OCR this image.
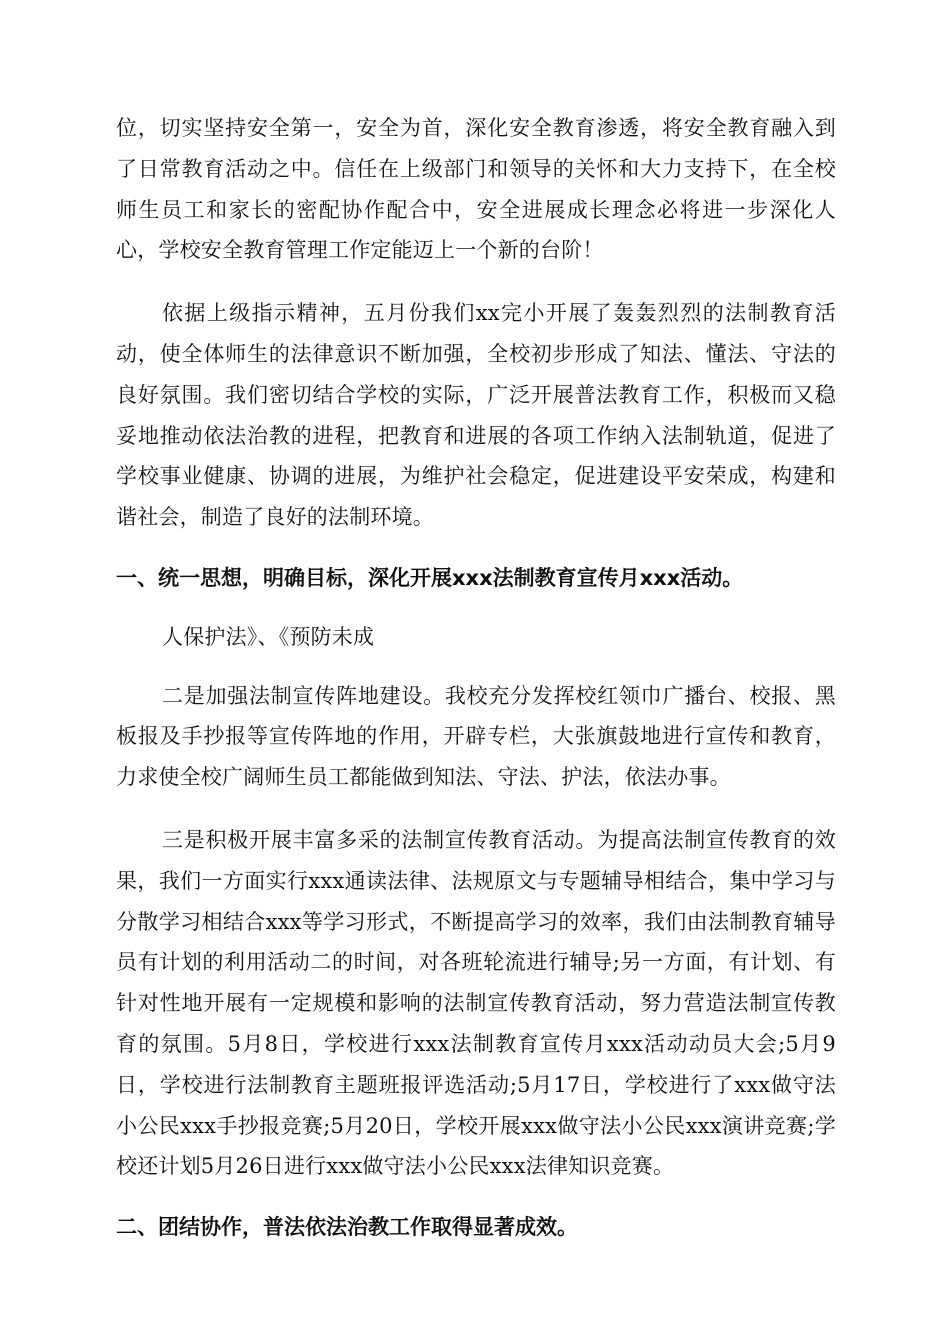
位，切实坚持安全第一，安全为首，深化安全教育渗透，将安全教育融入到了日常教育活动之中。信任在上级部门和领导的关怀和大力支持下，在全校师生员工和家长的密配协作配合中，安全进展成长理念必将进一步深化人心，学校安全教育管理工作定能迈上一个新的台阶！

依据上级指示精神，五月份我们xx完小开展了轰轰烈烈的法制教育活动，使全体师生的法律意识不断加强，全校初步形成了知法、懂法、守法的良好氛围。我们密切结合学校的实际，广泛开展普法教育工作，积极而又稳妥地推动依法治教的进程，把教育和进展的各项工作纳入法制轨道，促进了学校事业健康、协调的进展，为维护社会稳定，促进建设平安荣成，构建和谐社会，制造了良好的法制环境。

一、统一思想，明确目标，深化开展xxx法制教育宣传月xxx活动。

人保护法》、《预防未成

二是加强法制宣传阵地建设。我校充分发挥校红领巾广播台、校报、黑板报及手抄报等宣传阵地的作用，开辟专栏，大张旗鼓地进行宣传和教育，力求使全校广阔师生员工都能做到知法、守法、护法，依法办事。

三是积极开展丰富多采的法制宣传教育活动。为提高法制宣传教育的效果，我们一方面实行xxx通读法律、法规原文与专题辅导相结合，集中学习与分散学习相结合xxx等学习形式，不断提高学习的效率，我们由法制教育辅导员有计划的利用活动二的时间，对各班轮流进行辅导;另一方面，有计划、有针对性地开展有一定规模和影响的法制宣传教育活动，努力营造法制宣传教育的氛围。5月8日，学校进行xxx法制教育宣传月xxx活动动员大会;5月9日，学校进行法制教育主题班报评选活动;5月17日，学校进行了xxx做守法小公民xxx手抄报竞赛;5月20日，学校开展xxx做守法小公民xxx演讲竞赛;学校还计划5月26日进行xxx做守法小公民xxx法律知识竞赛。

二、团结协作，普法依法治教工作取得显著成效。
